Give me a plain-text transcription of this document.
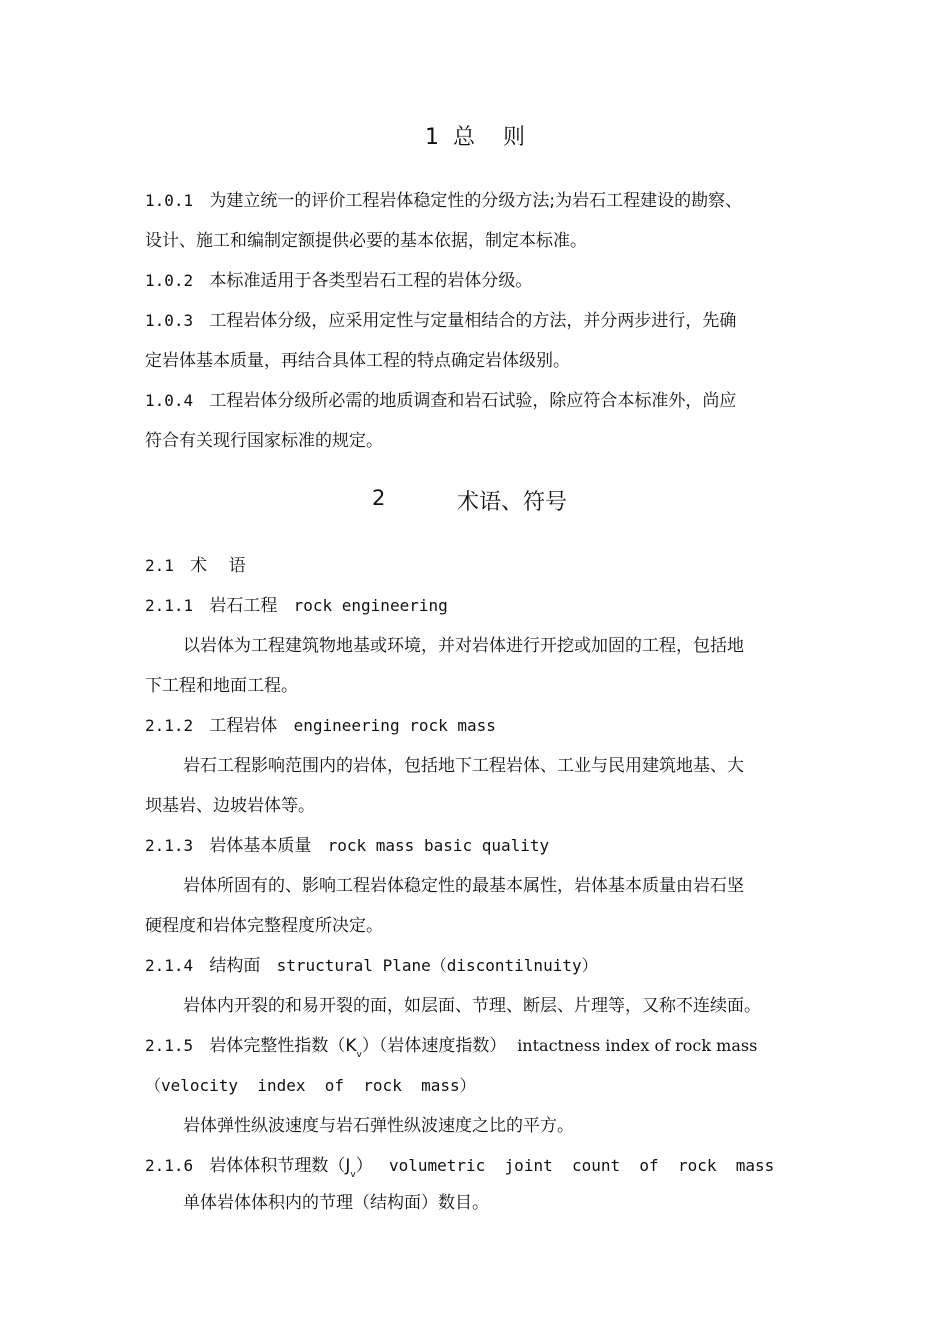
1  总    则
1.0.1 为建立统一的评价工程岩体稳定性的分级方法;为岩石工程建设的勘察、
设计、施工和编制定额提供必要的基本依据，制定本标准。
1.0.2 本标准适用于各类型岩石工程的岩体分级。
1.0.3 工程岩体分级，应采用定性与定量相结合的方法，并分两步进行，先确
定岩体基本质量，再结合具体工程的特点确定岩体级别。
1.0.4 工程岩体分级所必需的地质调查和岩石试验，除应符合本标准外，尚应
符合有关现行国家标准的规定。
2	术语、符号
2.1 术    语
2.1.1 岩石工程 rock engineering
以岩体为工程建筑物地基或环境，并对岩体进行开挖或加固的工程，包括地
下工程和地面工程。
2.1.2 工程岩体 engineering rock mass
岩石工程影响范围内的岩体，包括地下工程岩体、工业与民用建筑地基、大
坝基岩、边坡岩体等。
2.1.3 岩体基本质量 rock mass basic quality
岩体所固有的、影响工程岩体稳定性的最基本属性，岩体基本质量由岩石坚
硬程度和岩体完整程度所决定。
2.1.4 结构面 structural Plane（discontilnuity）
岩体内开裂的和易开裂的面，如层面、节理、断层、片理等，又称不连续面。
2.1.5 岩体完整性指数$(K_v)$（岩体速度指数） intactness index of rock mass
（velocity  index  of  rock  mass）
岩体弹性纵波速度与岩石弹性纵波速度之比的平方。
2.1.6 岩体体积节理数$(J_v)$ volumetric  joint  count  of  rock  mass
单体岩体体积内的节理（结构面）数目。
